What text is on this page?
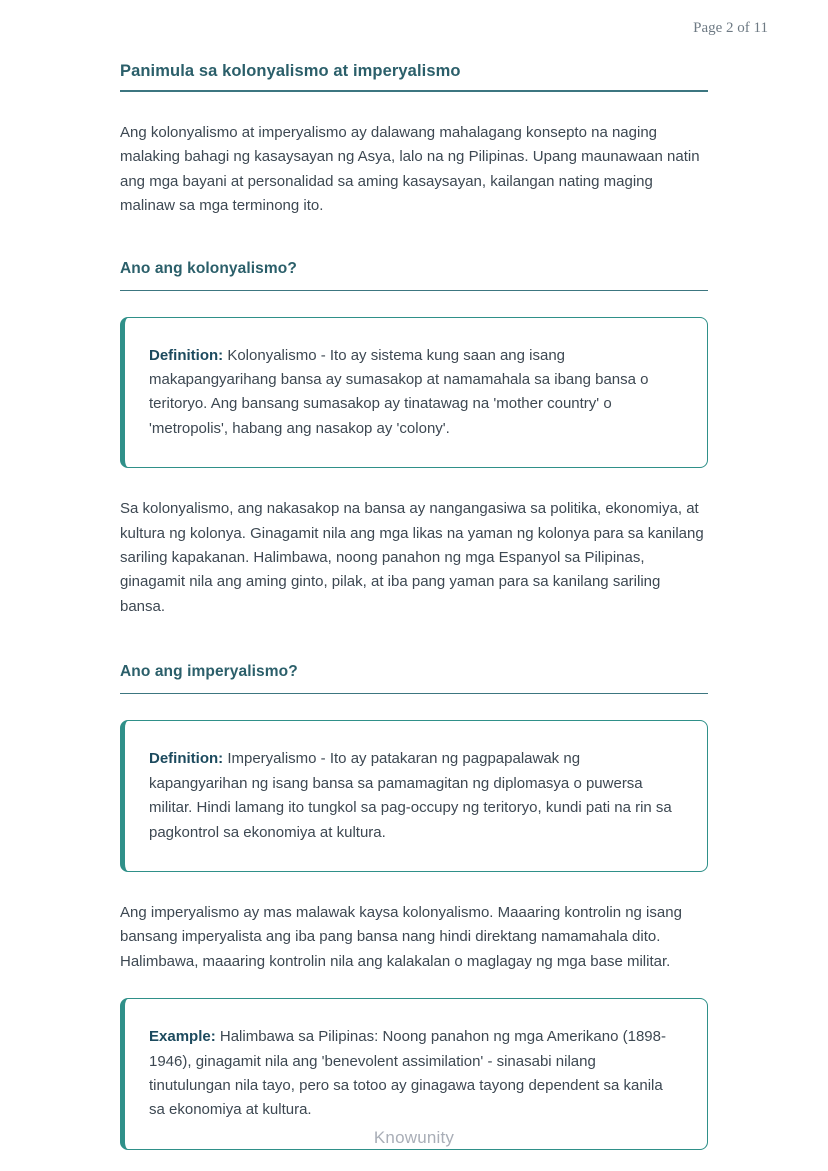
Page 2 of 11
Panimula sa kolonyalismo at imperyalismo

Ang kolonyalismo at imperyalismo ay dalawang mahalagang konsepto na naging malaking bahagi ng kasaysayan ng Asya, lalo na ng Pilipinas. Upang maunawaan natin ang mga bayani at personalidad sa aming kasaysayan, kailangan nating maging malinaw sa mga terminong ito.

Ano ang kolonyalismo?

Definition: Kolonyalismo - Ito ay sistema kung saan ang isang makapangyarihang bansa ay sumasakop at namamahala sa ibang bansa o teritoryo. Ang bansang sumasakop ay tinatawag na 'mother country' o 'metropolis', habang ang nasakop ay 'colony'.

Sa kolonyalismo, ang nakasakop na bansa ay nangangasiwa sa politika, ekonomiya, at kultura ng kolonya. Ginagamit nila ang mga likas na yaman ng kolonya para sa kanilang sariling kapakanan. Halimbawa, noong panahon ng mga Espanyol sa Pilipinas, ginagamit nila ang aming ginto, pilak, at iba pang yaman para sa kanilang sariling bansa.

Ano ang imperyalismo?

Definition: Imperyalismo - Ito ay patakaran ng pagpapalawak ng kapangyarihan ng isang bansa sa pamamagitan ng diplomasya o puwersa militar. Hindi lamang ito tungkol sa pag-occupy ng teritoryo, kundi pati na rin sa pagkontrol sa ekonomiya at kultura.

Ang imperyalismo ay mas malawak kaysa kolonyalismo. Maaaring kontrolin ng isang bansang imperyalista ang iba pang bansa nang hindi direktang namamahala dito. Halimbawa, maaaring kontrolin nila ang kalakalan o maglagay ng mga base militar.

Example: Halimbawa sa Pilipinas: Noong panahon ng mga Amerikano (1898-1946), ginagamit nila ang 'benevolent assimilation' - sinasabi nilang tinutulungan nila tayo, pero sa totoo ay ginagawa tayong dependent sa kanila sa ekonomiya at kultura.

Knowunity
